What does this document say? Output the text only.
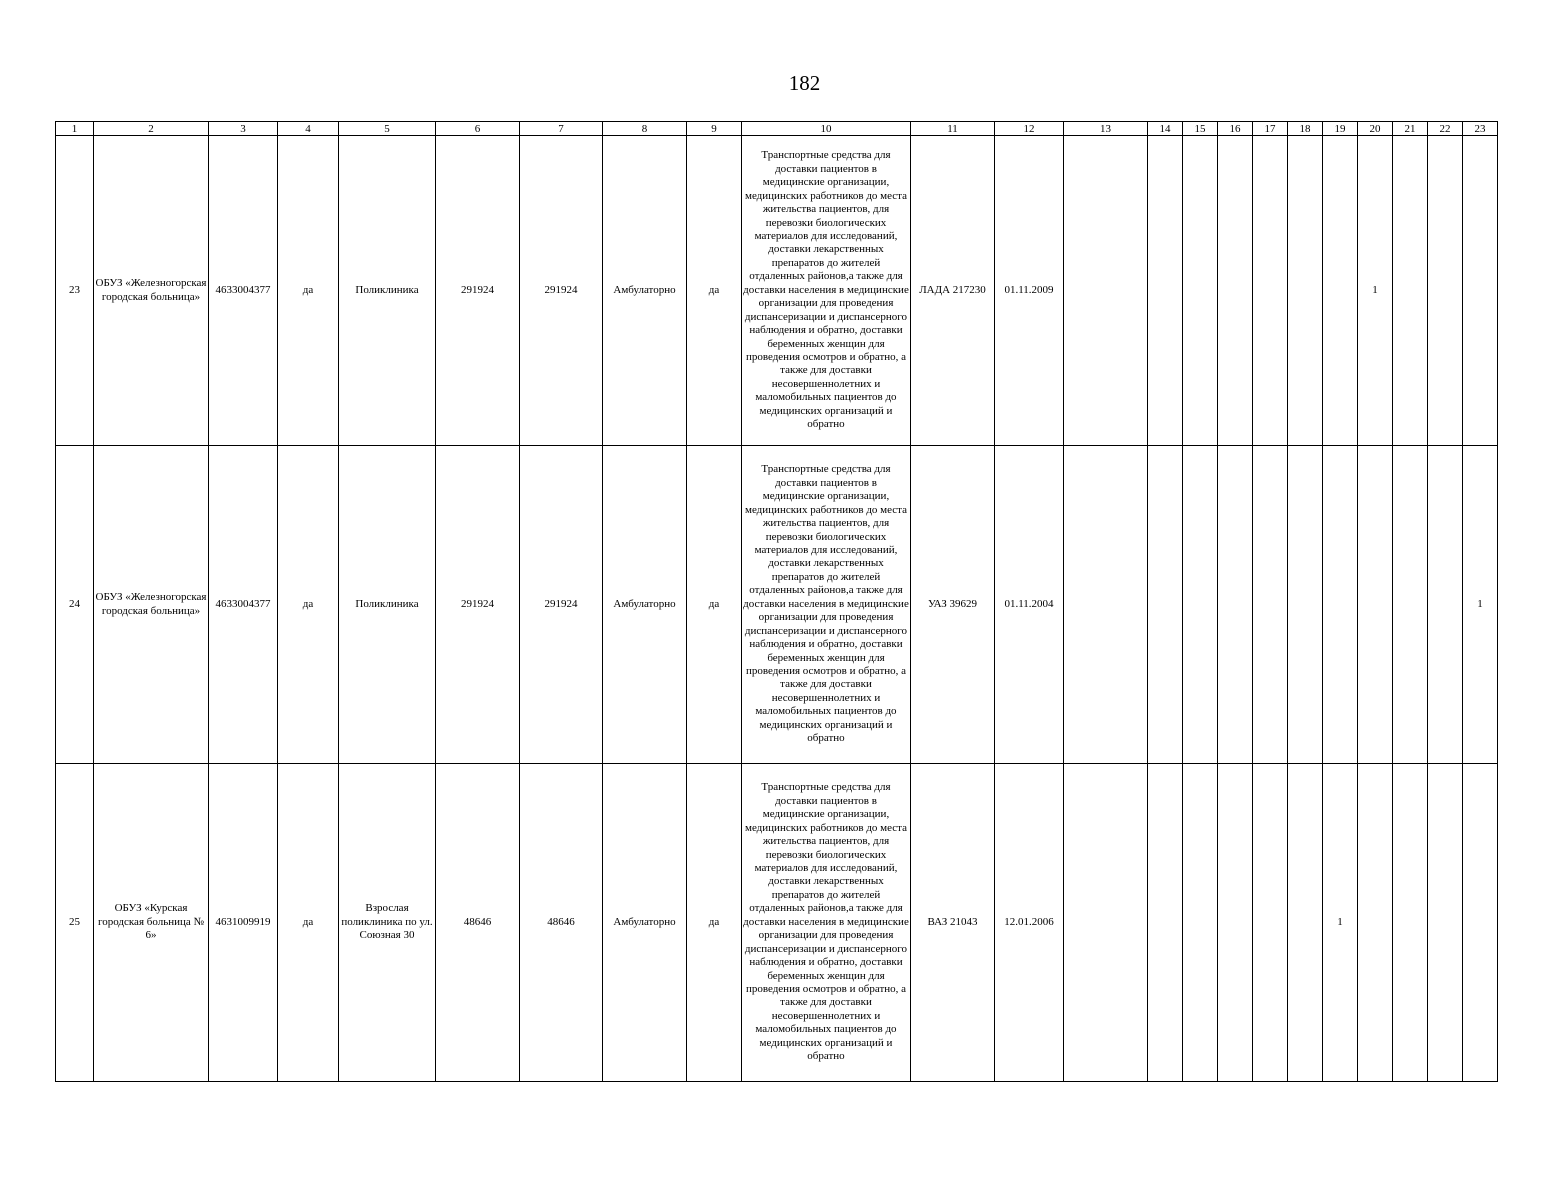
182
1	2	3	4	5	6	7	8	9	10	11	12	13	14	15	16	17	18	19	20	21	22	23
23	ОБУЗ «Железногорская городская больница»	4633004377	да	Поликлиника	291924	291924	Амбулаторно	да	Транспортные средства для доставки пациентов в медицинские организации, медицинских работников до места жительства пациентов, для перевозки биологических материалов для исследований, доставки лекарственных препаратов до жителей отдаленных районов,а также для доставки населения в медицинские организации для проведения диспансеризации и диспансерного наблюдения и обратно, доставки беременных женщин для проведения осмотров и обратно, а также для доставки несовершеннолетних и маломобильных пациентов до медицинских организаций и обратно	ЛАДА 217230	01.11.2009								1			
24	ОБУЗ «Железногорская городская больница»	4633004377	да	Поликлиника	291924	291924	Амбулаторно	да	Транспортные средства для доставки пациентов в медицинские организации, медицинских работников до места жительства пациентов, для перевозки биологических материалов для исследований, доставки лекарственных препаратов до жителей отдаленных районов,а также для доставки населения в медицинские организации для проведения диспансеризации и диспансерного наблюдения и обратно, доставки беременных женщин для проведения осмотров и обратно, а также для доставки несовершеннолетних и маломобильных пациентов до медицинских организаций и обратно	УАЗ 39629	01.11.2004											1
25	ОБУЗ «Курская городская больница № 6»	4631009919	да	Взрослая поликлиника по ул. Союзная 30	48646	48646	Амбулаторно	да	Транспортные средства для доставки пациентов в медицинские организации, медицинских работников до места жительства пациентов, для перевозки биологических материалов для исследований, доставки лекарственных препаратов до жителей отдаленных районов,а также для доставки населения в медицинские организации для проведения диспансеризации и диспансерного наблюдения и обратно, доставки беременных женщин для проведения осмотров и обратно, а также для доставки несовершеннолетних и маломобильных пациентов до медицинских организаций и обратно	ВАЗ 21043	12.01.2006							1				
